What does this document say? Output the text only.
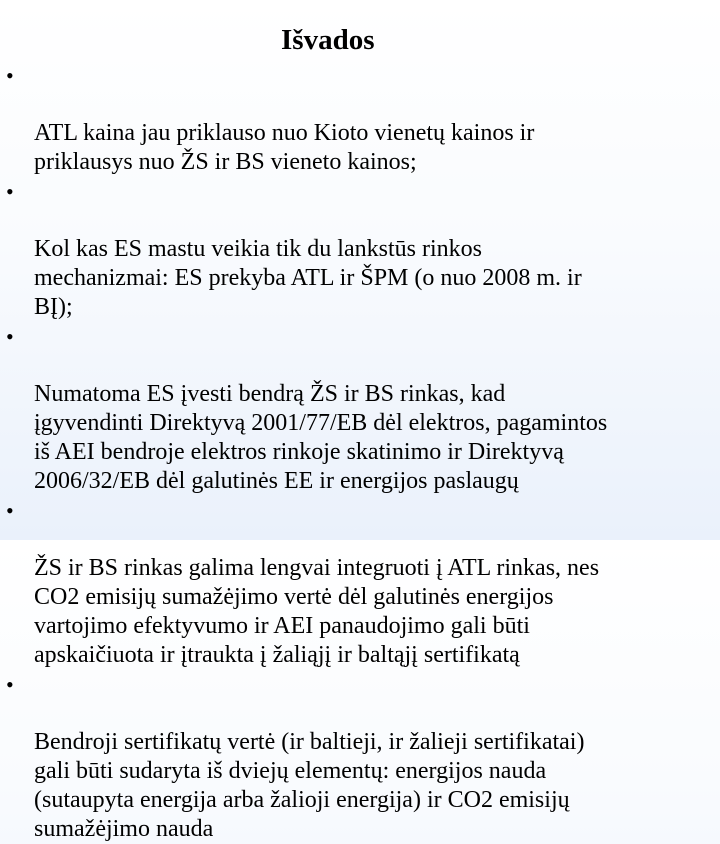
Išvados

•

ATL kaina jau priklauso nuo Kioto vienetų kainos ir
priklausys nuo ŽS ir BS vieneto kainos;

•

Kol kas ES mastu veikia tik du lankstūs rinkos
mechanizmai: ES prekyba ATL ir ŠPM (o nuo 2008 m. ir
BĮ);

•

Numatoma ES įvesti bendrą ŽS ir BS rinkas, kad
įgyvendinti Direktyvą 2001/77/EB dėl elektros, pagamintos
iš AEI bendroje elektros rinkoje skatinimo ir Direktyvą
2006/32/EB dėl galutinės EE ir energijos paslaugų

•

ŽS ir BS rinkas galima lengvai integruoti į ATL rinkas, nes
CO2 emisijų sumažėjimo vertė dėl galutinės energijos
vartojimo efektyvumo ir AEI panaudojimo gali būti
apskaičiuota ir įtraukta į žaliąjį ir baltąjį sertifikatą

•

Bendroji sertifikatų vertė (ir baltieji, ir žalieji sertifikatai)
gali būti sudaryta iš dviejų elementų: energijos nauda
(sutaupyta energija arba žalioji energija) ir CO2 emisijų
sumažėjimo nauda
